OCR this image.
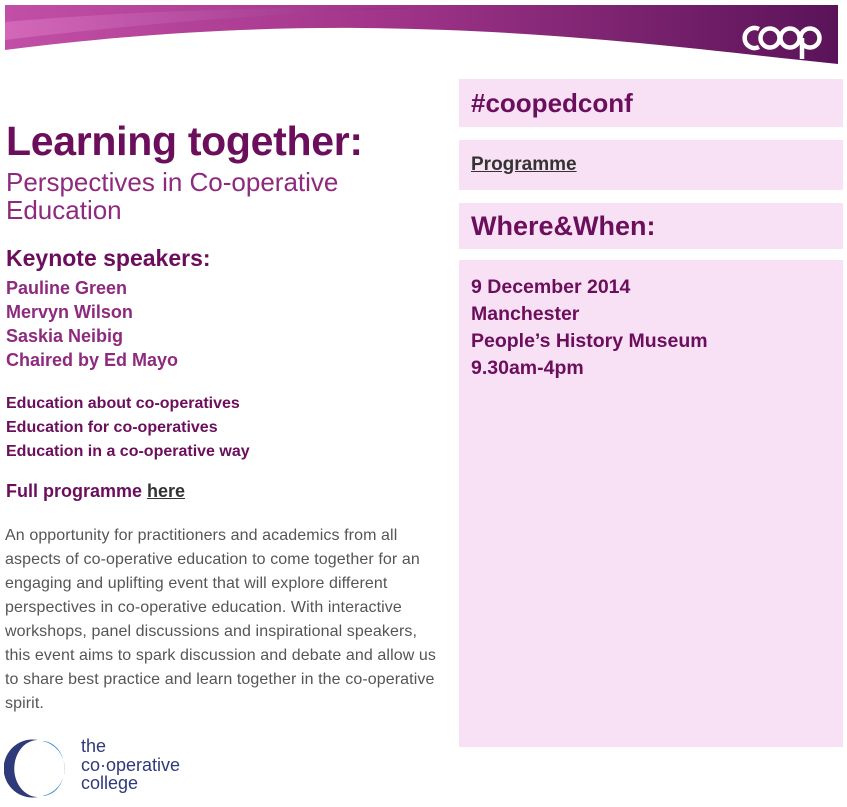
coop
Learning together:
Perspectives in Co-operative Education
Keynote speakers:
Pauline Green
Mervyn Wilson
Saskia Neibig
Chaired by Ed Mayo
Education about co-operatives
Education for co-operatives
Education in a co-operative way

Full programme here

An opportunity for practitioners and academics from all aspects of co-operative education to come together for an engaging and uplifting event that will explore different perspectives in co-operative education. With interactive workshops, panel discussions and inspirational speakers, this event aims to spark discussion and debate and allow us to share best practice and learn together in the co-operative spirit.

the
co·operative
college

#coopedconf

Programme

Where&When:

9 December 2014
Manchester
People’s History Museum
9.30am-4pm
